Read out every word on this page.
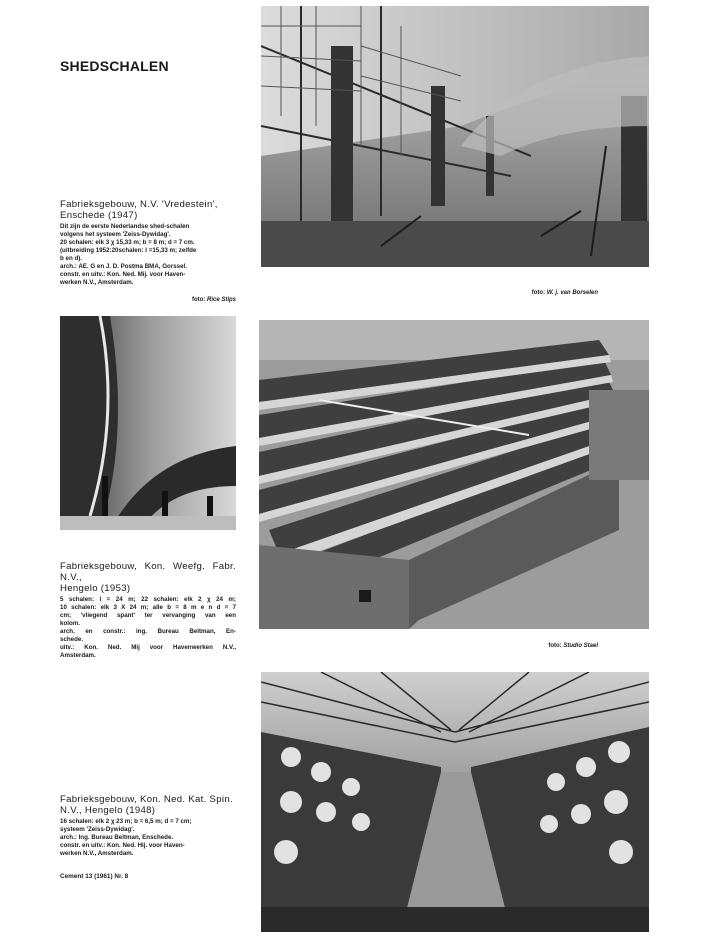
SHEDSCHALEN
Fabrieksgebouw, N.V. 'Vredestein',
Enschede (1947)
Dit zijn de eerste Nederlandse shed-schalen
volgens het systeem 'Zeiss-Dywidag'.
20 schalen: elk 3 χ 15,33 m; b = 8 m; d = 7 cm.
(uitbreiding 1952:20schalen: l =15,33 m; zelfde
b en d).
arch.: AE. G en J. D. Postma BMA, Gorssel.
constr. en uitv.: Kon. Ned. Mij. voor Haven-
werken N.V., Amsterdam.
foto: Rice Stips
foto: W. j. van Borselen
Fabrieksgebouw, Kon. Weefg. Fabr. N.V.,
Hengelo (1953)
5 schalen: l = 24 m; 22 schalen: elk 2 χ 24 m;
10 schalen: elk 3 X 24 m; alle b = 8 m e n d = 7
cm; 'vliegend spant' ter vervanging van een
kolom.
arch. en constr.: ing. Bureau Beltman, En-
schede.
uitv.: Kon. Ned. Mij voor Havenwerken N.V.,
Amsterdam.
foto: Studio Stael
Fabrieksgebouw, Kon. Ned. Kat. Spin.
N.V., Hengelo (1948)
16 schalen: elk 2 χ 23 m; b = 6,5 m; d = 7 cm;
systeem 'Zeiss-Dywidag'.
arch.: Ing. Bureau Beltman, Enschede.
constr. en uitv.: Kon. Ned. Hij. voor Haven-
werken N.V., Amsterdam.
Cement 13 (1961) Nr. 8
